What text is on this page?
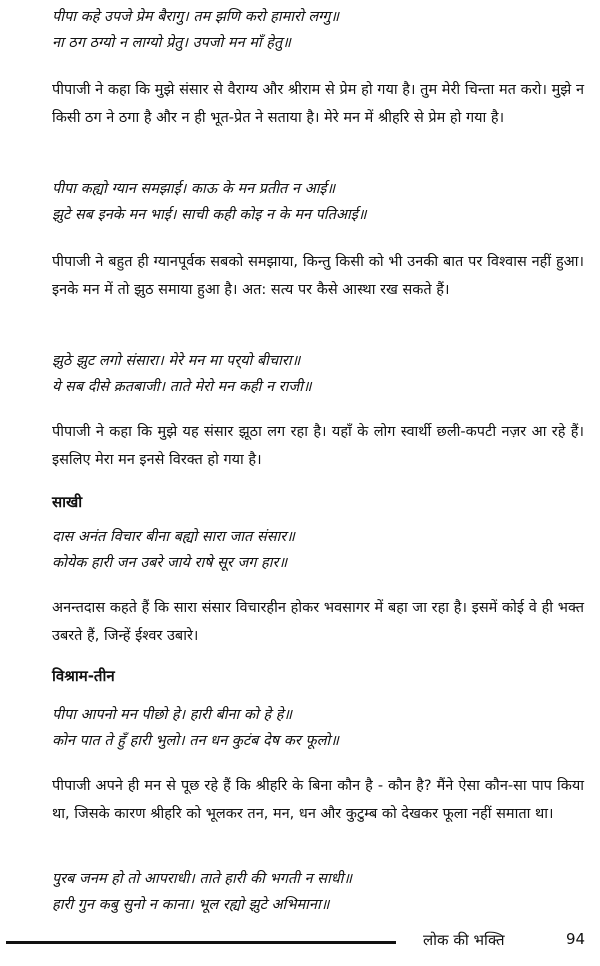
पीपा कहे उपजे प्रेम बैरागु। तम झणि करो हामारो लग्गु॥
ना ठग ठग्यो न लाग्यो प्रेतु। उपजो मन माँ हेतु॥

पीपाजी ने कहा कि मुझे संसार से वैराग्य और श्रीराम से प्रेम हो गया है। तुम मेरी चिन्ता मत करो। मुझे न किसी ठग ने ठगा है और न ही भूत-प्रेत ने सताया है। मेरे मन में श्रीहरि से प्रेम हो गया है।

पीपा कह्यो ग्यान समझाई। काऊ के मन प्रतीत न आई॥
झुटे सब इनके मन भाई। साची कही कोइ न के मन पतिआई॥

पीपाजी ने बहुत ही ग्यानपूर्वक सबको समझाया, किन्तु किसी को भी उनकी बात पर विश्वास नहीं हुआ। इनके मन में तो झुठ समाया हुआ है। अत: सत्य पर कैसे आस्था रख सकते हैं।

झुठे झुट लगो संसारा। मेरे मन मा पर्‌यो बीचारा॥
ये सब दीसे क्रतबाजी। ताते मेरो मन कही न राजी॥

पीपाजी ने कहा कि मुझे यह संसार झूठा लग रहा है। यहाँ के लोग स्वार्थी छली-कपटी नज़र आ रहे हैं। इसलिए मेरा मन इनसे विरक्त हो गया है।

साखी
दास अनंत विचार बीना बह्यो सारा जात संसार॥
कोयेक हारी जन उबरे जाये राषे सूर जग हार॥

अनन्तदास कहते हैं कि सारा संसार विचारहीन होकर भवसागर में बहा जा रहा है। इसमें कोई वे ही भक्त उबरते हैं, जिन्हें ईश्वर उबारे।

विश्राम-तीन
पीपा आपनो मन पीछो हे। हारी बीना को हे हे॥
कोन पात ते हुँ हारी भुलो। तन धन कुटंब देष कर फूलो॥

पीपाजी अपने ही मन से पूछ रहे हैं कि श्रीहरि के बिना कौन है - कौन है? मैंने ऐसा कौन-सा पाप किया था, जिसके कारण श्रीहरि को भूलकर तन, मन, धन और कुटुम्ब को देखकर फूला नहीं समाता था।

पुरब जनम हो तो आपराधी। ताते हारी की भगती न साधी॥
हारी गुन कबु सुनो न काना। भूल रह्यो झुटे अभिमाना॥
लोक की भक्ति	94
